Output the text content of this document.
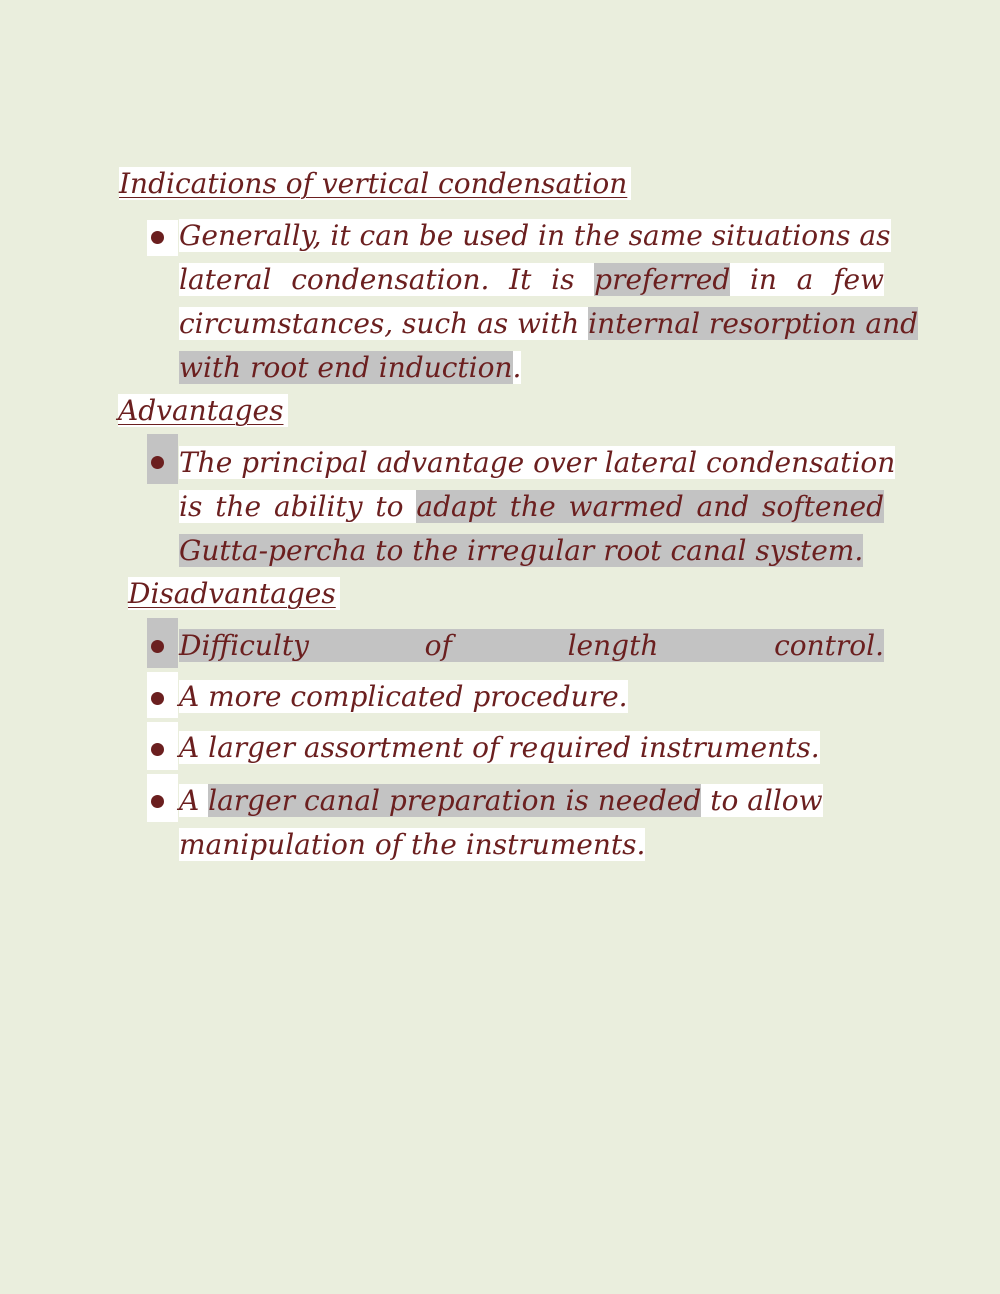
Indications of vertical condensation
Generally, it can be used in the same situations as
lateral condensation. It is preferred in a few
circumstances, such as with internal resorption and
with root end induction.
Advantages
The principal advantage over lateral condensation
is the ability to adapt the warmed and softened
Gutta-percha to the irregular root canal system.
Disadvantages
Difficulty of length control.
A more complicated procedure.
A larger assortment of required instruments.
A larger canal preparation is needed to allow
manipulation of the instruments.
